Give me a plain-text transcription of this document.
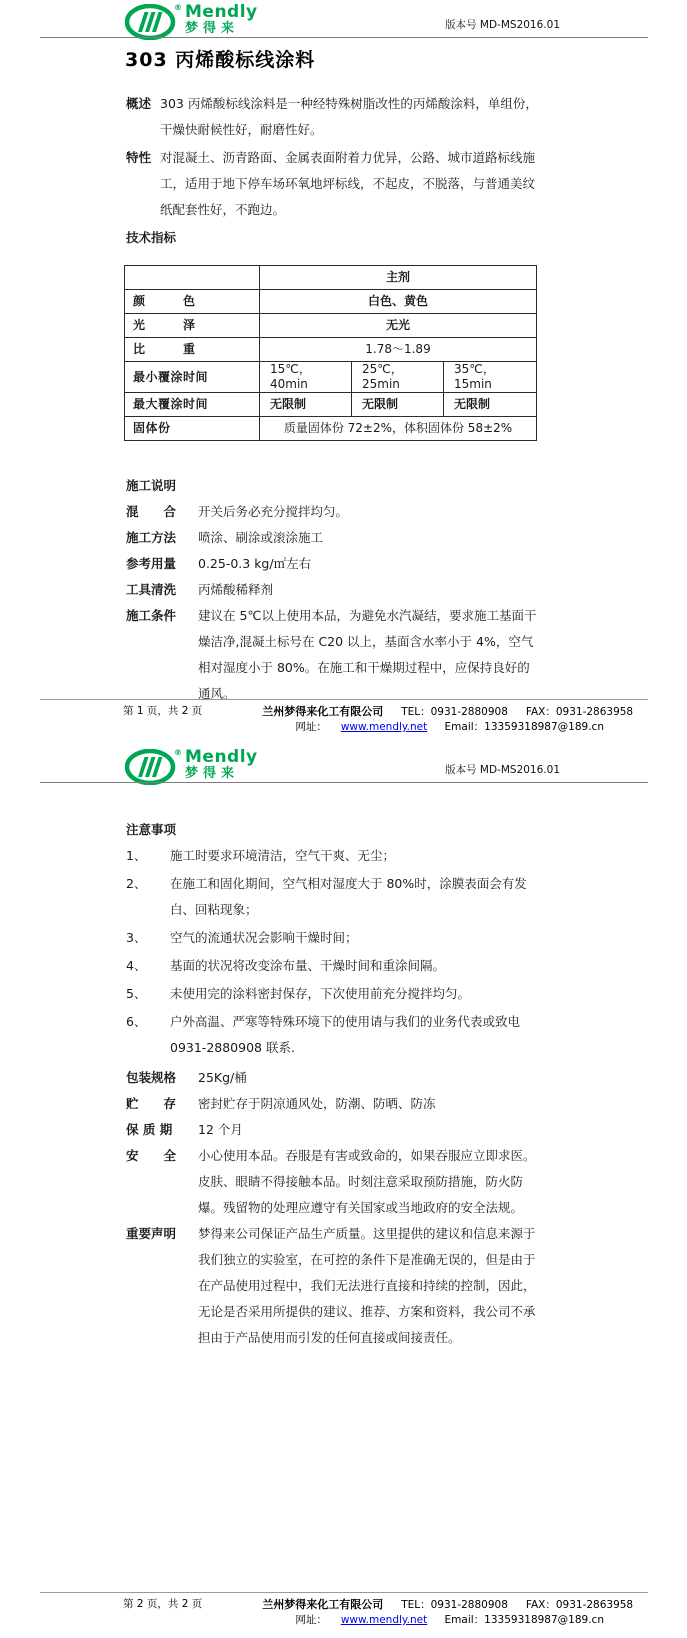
® Mendly
梦得来	版本号 MD-MS2016.01
303 丙烯酸标线涂料
概述 303 丙烯酸标线涂料是一种经特殊树脂改性的丙烯酸涂料，单组份，干燥快耐候性好，耐磨性好。
特性 对混凝土、沥青路面、金属表面附着力优异，公路、城市道路标线施工，适用于地下停车场环氧地坪标线，不起皮，不脱落，与普通美纹纸配套性好，不跑边。
技术指标
	主剂		
颜　　　色	白色、黄色		
光　　　泽	无光		
比　　　重	1.78～1.89		
最小覆涂时间	15℃，40min	25℃，25min	35℃，15min
最大覆涂时间	无限制	无限制	无限制
固体份	质量固体份 72±2%，体积固体份 58±2%		
施工说明
混　　合	开关后务必充分搅拌均匀。
施工方法	喷涂、刷涂或滚涂施工
参考用量	0.25-0.3 kg/㎡左右
工具清洗	丙烯酸稀释剂
施工条件	建议在 5℃以上使用本品，为避免水汽凝结，要求施工基面干燥洁净,混凝土标号在 C20 以上，基面含水率小于 4%，空气相对湿度小于 80%。在施工和干燥期过程中，应保持良好的通风。
第 1 页，共 2 页	兰州梦得来化工有限公司 TEL：0931-2880908 FAX：0931-2863958
网址： www.mendly.net Email：13359318987@189.cn
® Mendly
梦得来	版本号 MD-MS2016.01
注意事项
1、	施工时要求环境清洁，空气干爽、无尘；
2、	在施工和固化期间，空气相对湿度大于 80%时，涂膜表面会有发白、回粘现象；
3、	空气的流通状况会影响干燥时间；
4、	基面的状况将改变涂布量、干燥时间和重涂间隔。
5、	未使用完的涂料密封保存，下次使用前充分搅拌均匀。
6、	户外高温、严寒等特殊环境下的使用请与我们的业务代表或致电 0931-2880908 联系.
包装规格	25Kg/桶
贮　　存	密封贮存于阴凉通风处，防潮、防晒、防冻
保 质 期	12 个月
安　　全	小心使用本品。吞服是有害或致命的，如果吞服应立即求医。皮肤、眼睛不得接触本品。时刻注意采取预防措施，防火防爆。残留物的处理应遵守有关国家或当地政府的安全法规。
重要声明	梦得来公司保证产品生产质量。这里提供的建议和信息来源于我们独立的实验室，在可控的条件下是准确无误的，但是由于在产品使用过程中，我们无法进行直接和持续的控制，因此，无论是否采用所提供的建议、推荐、方案和资料，我公司不承担由于产品使用而引发的任何直接或间接责任。
第 2 页，共 2 页	兰州梦得来化工有限公司 TEL：0931-2880908 FAX：0931-2863958
网址： www.mendly.net Email：13359318987@189.cn
